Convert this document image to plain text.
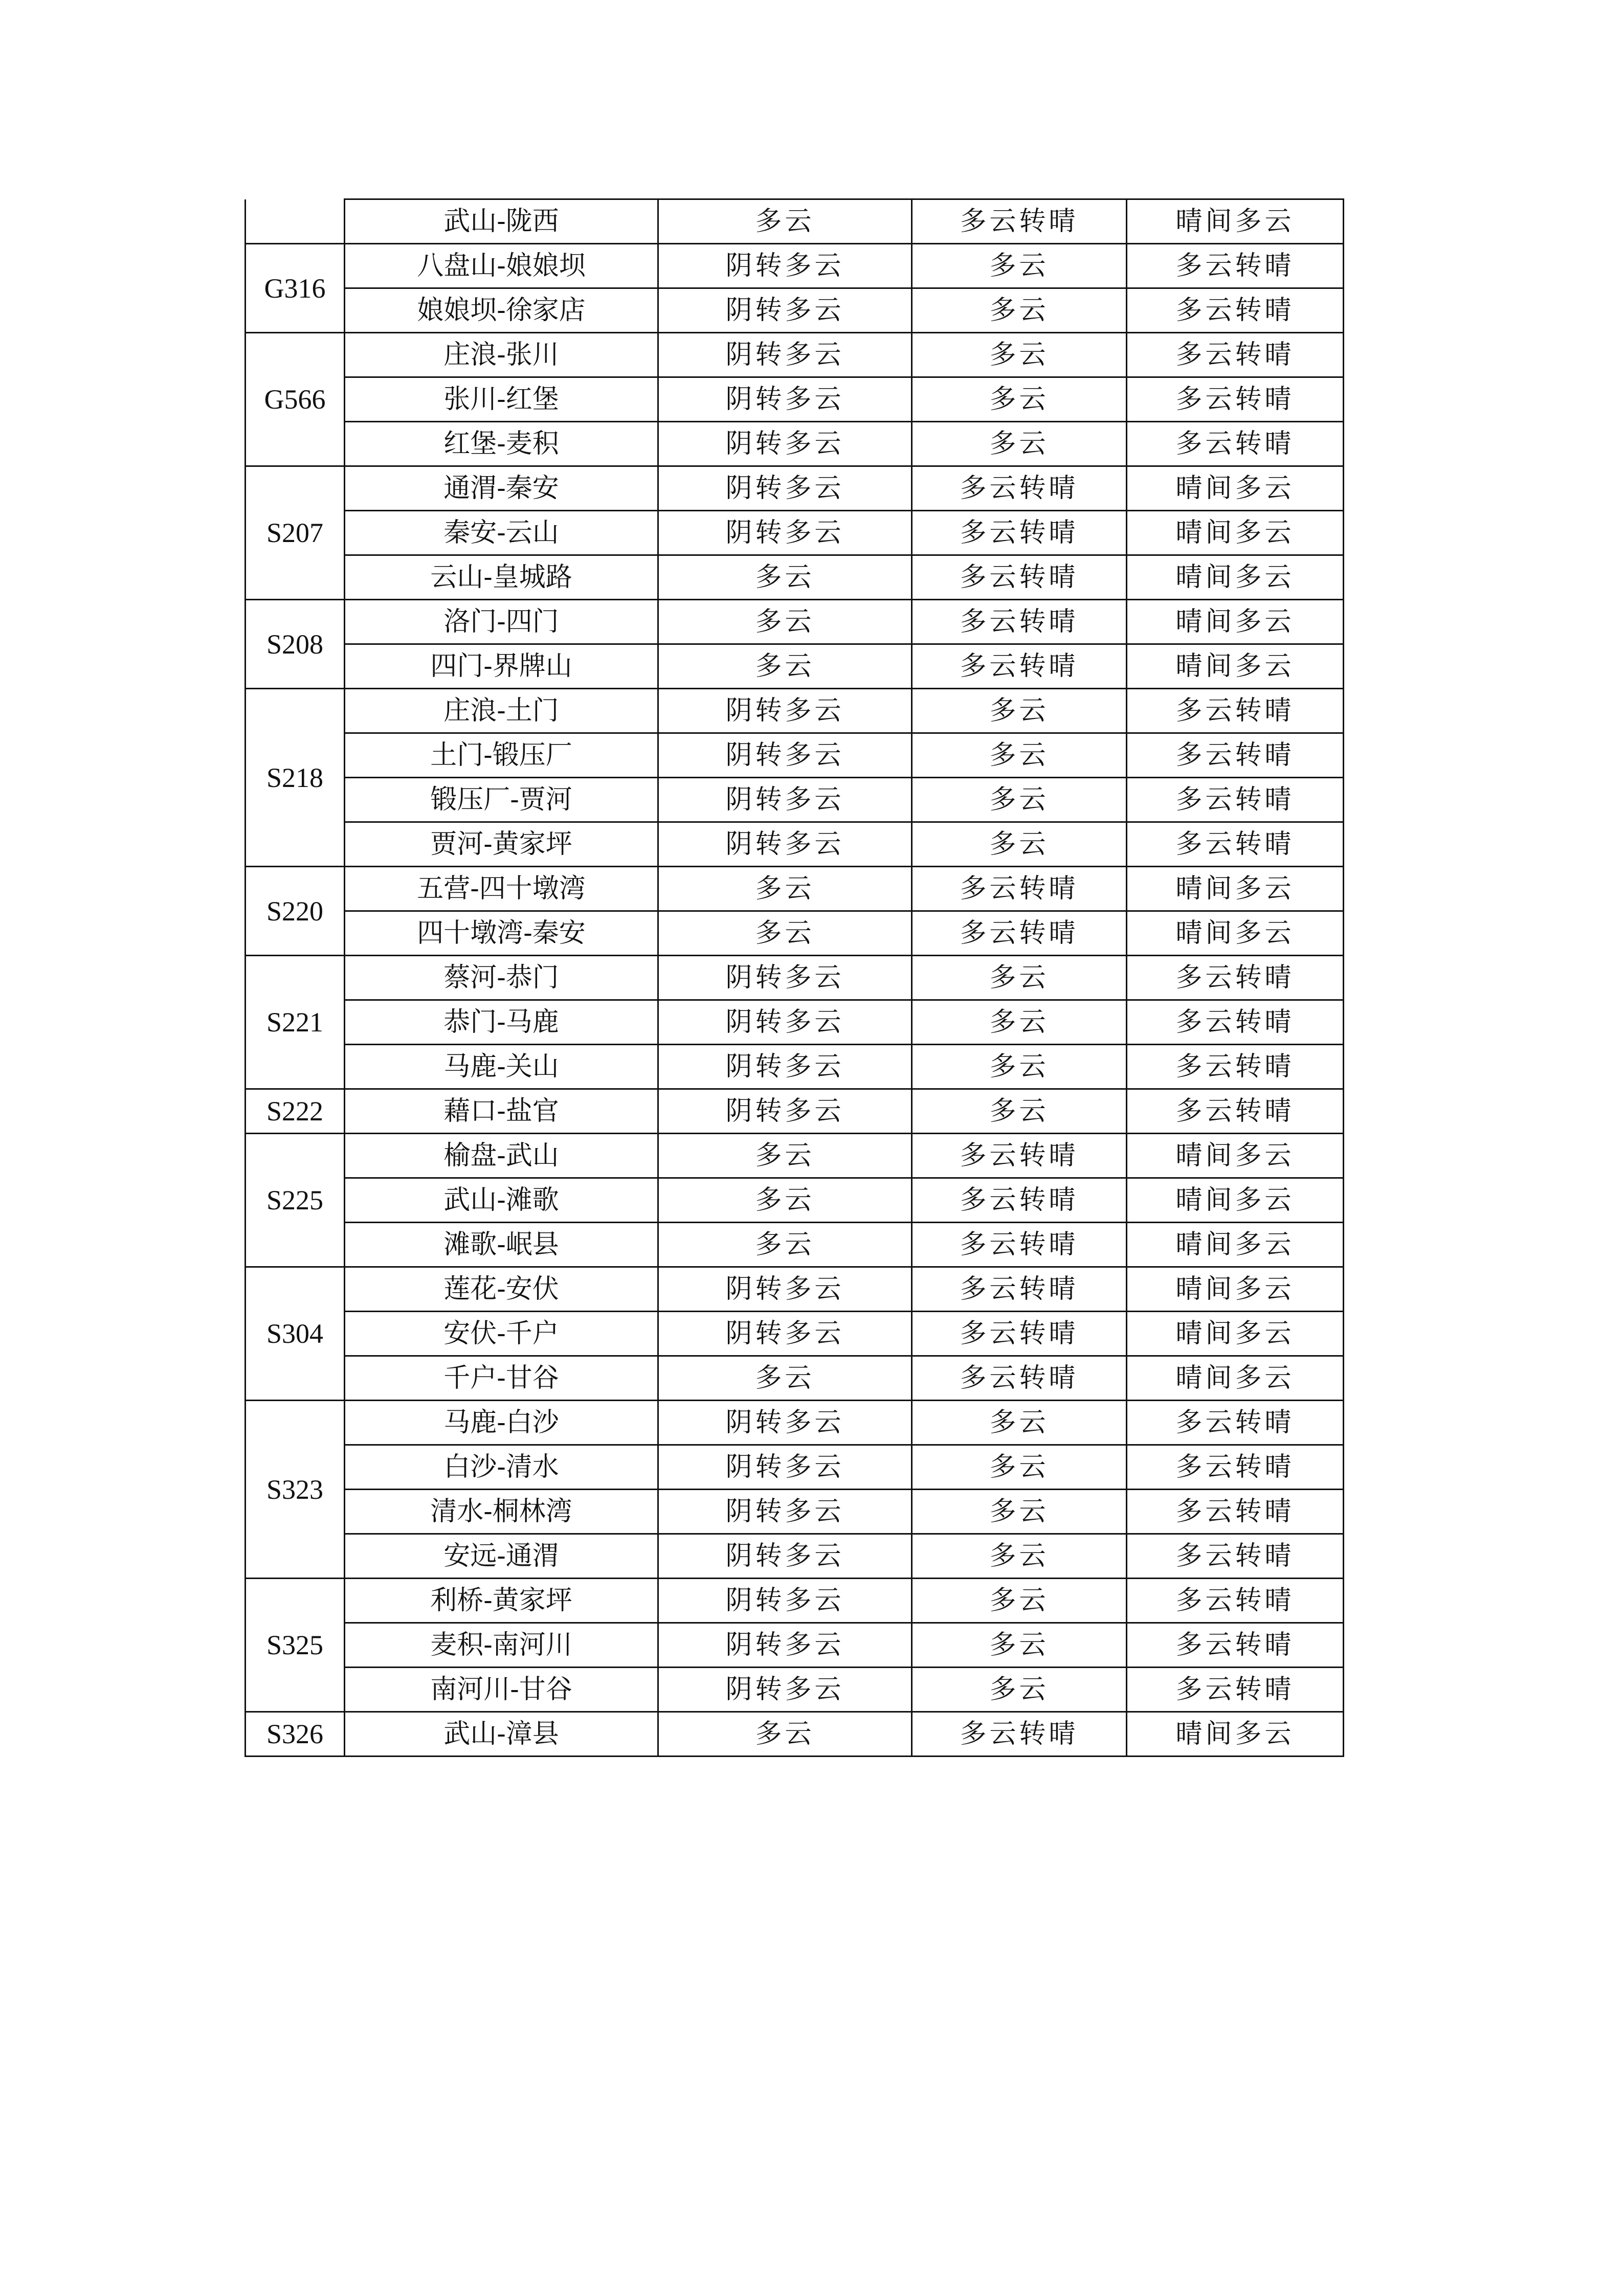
	武山-陇西	多云	多云转晴	晴间多云
G316	八盘山-娘娘坝	阴转多云	多云	多云转晴
	娘娘坝-徐家店	阴转多云	多云	多云转晴
G566	庄浪-张川	阴转多云	多云	多云转晴
	张川-红堡	阴转多云	多云	多云转晴
	红堡-麦积	阴转多云	多云	多云转晴
S207	通渭-秦安	阴转多云	多云转晴	晴间多云
	秦安-云山	阴转多云	多云转晴	晴间多云
	云山-皇城路	多云	多云转晴	晴间多云
S208	洛门-四门	多云	多云转晴	晴间多云
	四门-界牌山	多云	多云转晴	晴间多云
S218	庄浪-土门	阴转多云	多云	多云转晴
	土门-锻压厂	阴转多云	多云	多云转晴
	锻压厂-贾河	阴转多云	多云	多云转晴
	贾河-黄家坪	阴转多云	多云	多云转晴
S220	五营-四十墩湾	多云	多云转晴	晴间多云
	四十墩湾-秦安	多云	多云转晴	晴间多云
S221	蔡河-恭门	阴转多云	多云	多云转晴
	恭门-马鹿	阴转多云	多云	多云转晴
	马鹿-关山	阴转多云	多云	多云转晴
S222	藉口-盐官	阴转多云	多云	多云转晴
S225	榆盘-武山	多云	多云转晴	晴间多云
	武山-滩歌	多云	多云转晴	晴间多云
	滩歌-岷县	多云	多云转晴	晴间多云
S304	莲花-安伏	阴转多云	多云转晴	晴间多云
	安伏-千户	阴转多云	多云转晴	晴间多云
	千户-甘谷	多云	多云转晴	晴间多云
S323	马鹿-白沙	阴转多云	多云	多云转晴
	白沙-清水	阴转多云	多云	多云转晴
	清水-桐林湾	阴转多云	多云	多云转晴
	安远-通渭	阴转多云	多云	多云转晴
S325	利桥-黄家坪	阴转多云	多云	多云转晴
	麦积-南河川	阴转多云	多云	多云转晴
	南河川-甘谷	阴转多云	多云	多云转晴
S326	武山-漳县	多云	多云转晴	晴间多云
